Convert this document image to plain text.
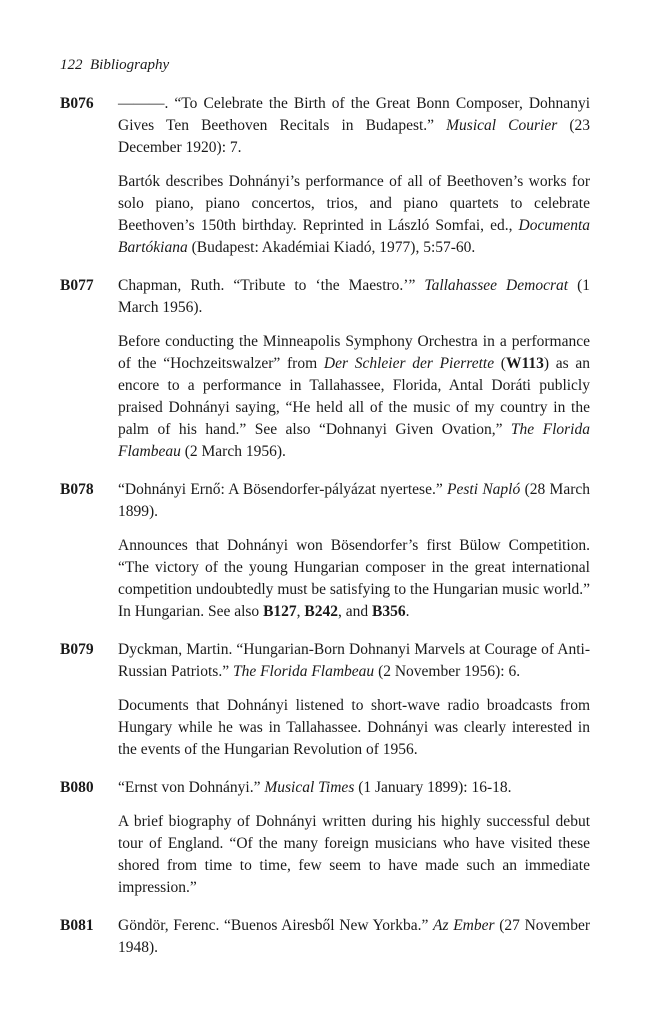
122 Bibliography
B076	———. “To Celebrate the Birth of the Great Bonn Composer, Dohnanyi Gives Ten Beethoven Recitals in Budapest.” Musical Courier (23 December 1920): 7.

Bartók describes Dohnányi’s performance of all of Beethoven’s works for solo piano, piano concertos, trios, and piano quartets to celebrate Beethoven’s 150th birthday. Reprinted in László Somfai, ed., Documenta Bartókiana (Budapest: Akadémiai Kiadó, 1977), 5:57-60.

B077	Chapman, Ruth. “Tribute to ‘the Maestro.’” Tallahassee Democrat (1 March 1956).

Before conducting the Minneapolis Symphony Orchestra in a performance of the “Hochzeitswalzer” from Der Schleier der Pierrette (W113) as an encore to a performance in Tallahassee, Florida, Antal Doráti publicly praised Dohnányi saying, “He held all of the music of my country in the palm of his hand.” See also “Dohnanyi Given Ovation,” The Florida Flambeau (2 March 1956).

B078	“Dohnányi Ernő: A Bösendorfer-pályázat nyertese.” Pesti Napló (28 March 1899).

Announces that Dohnányi won Bösendorfer’s first Bülow Competition. “The victory of the young Hungarian composer in the great international competition undoubtedly must be satisfying to the Hungarian music world.” In Hungarian. See also B127, B242, and B356.

B079	Dyckman, Martin. “Hungarian-Born Dohnanyi Marvels at Courage of Anti-Russian Patriots.” The Florida Flambeau (2 November 1956): 6.

Documents that Dohnányi listened to short-wave radio broadcasts from Hungary while he was in Tallahassee. Dohnányi was clearly interested in the events of the Hungarian Revolution of 1956.

B080	“Ernst von Dohnányi.” Musical Times (1 January 1899): 16-18.

A brief biography of Dohnányi written during his highly successful debut tour of England. “Of the many foreign musicians who have visited these shored from time to time, few seem to have made such an immediate impression.”

B081	Göndör, Ferenc. “Buenos Airesből New Yorkba.” Az Ember (27 November 1948).
